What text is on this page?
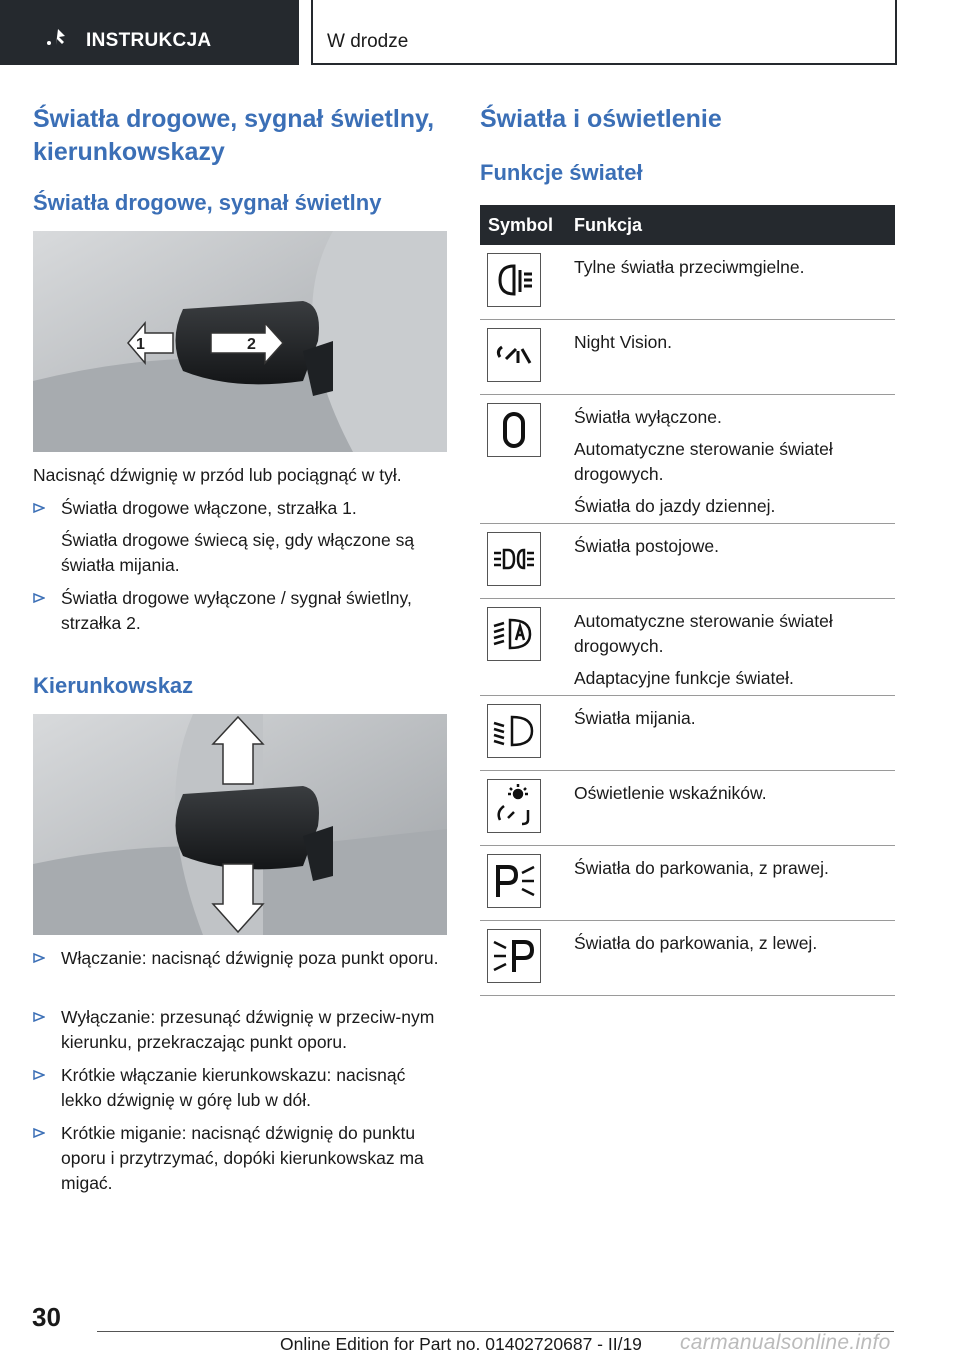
INSTRUKCJA	W drodze
Światła drogowe, sygnał świetlny, kierunkowskazy
Światła drogowe, sygnał świetlny
1	2
Nacisnąć dźwignię w przód lub pociągnąć w tył.

Światła drogowe włączone, strzałka 1.

Światła drogowe świecą się, gdy włączone są światła mijania.

Światła drogowe wyłączone / sygnał świetlny, strzałka 2.

Kierunkowskaz

Włączanie: nacisnąć dźwignię poza punkt oporu.

Wyłączanie: przesunąć dźwignię w przeciw-nym kierunku, przekraczając punkt oporu.

Krótkie włączanie kierunkowskazu: nacisnąć lekko dźwignię w górę lub w dół.

Krótkie miganie: nacisnąć dźwignię do punktu oporu i przytrzymać, dopóki kierunkowskaz ma migać.

Światła i oświetlenie
Funkcje świateł
Symbol Funkcja

Tylne światła przeciwmgielne.

Night Vision.

Światła wyłączone.

Automatyczne sterowanie świateł drogowych.

Światła do jazdy dziennej.

Światła postojowe.

Automatyczne sterowanie świateł drogowych.

Adaptacyjne funkcje świateł.

Światła mijania.

Oświetlenie wskaźników.

Światła do parkowania, z prawej.

Światła do parkowania, z lewej.

30
Online Edition for Part no. 01402720687 - II/19 carmanualsonline.info
